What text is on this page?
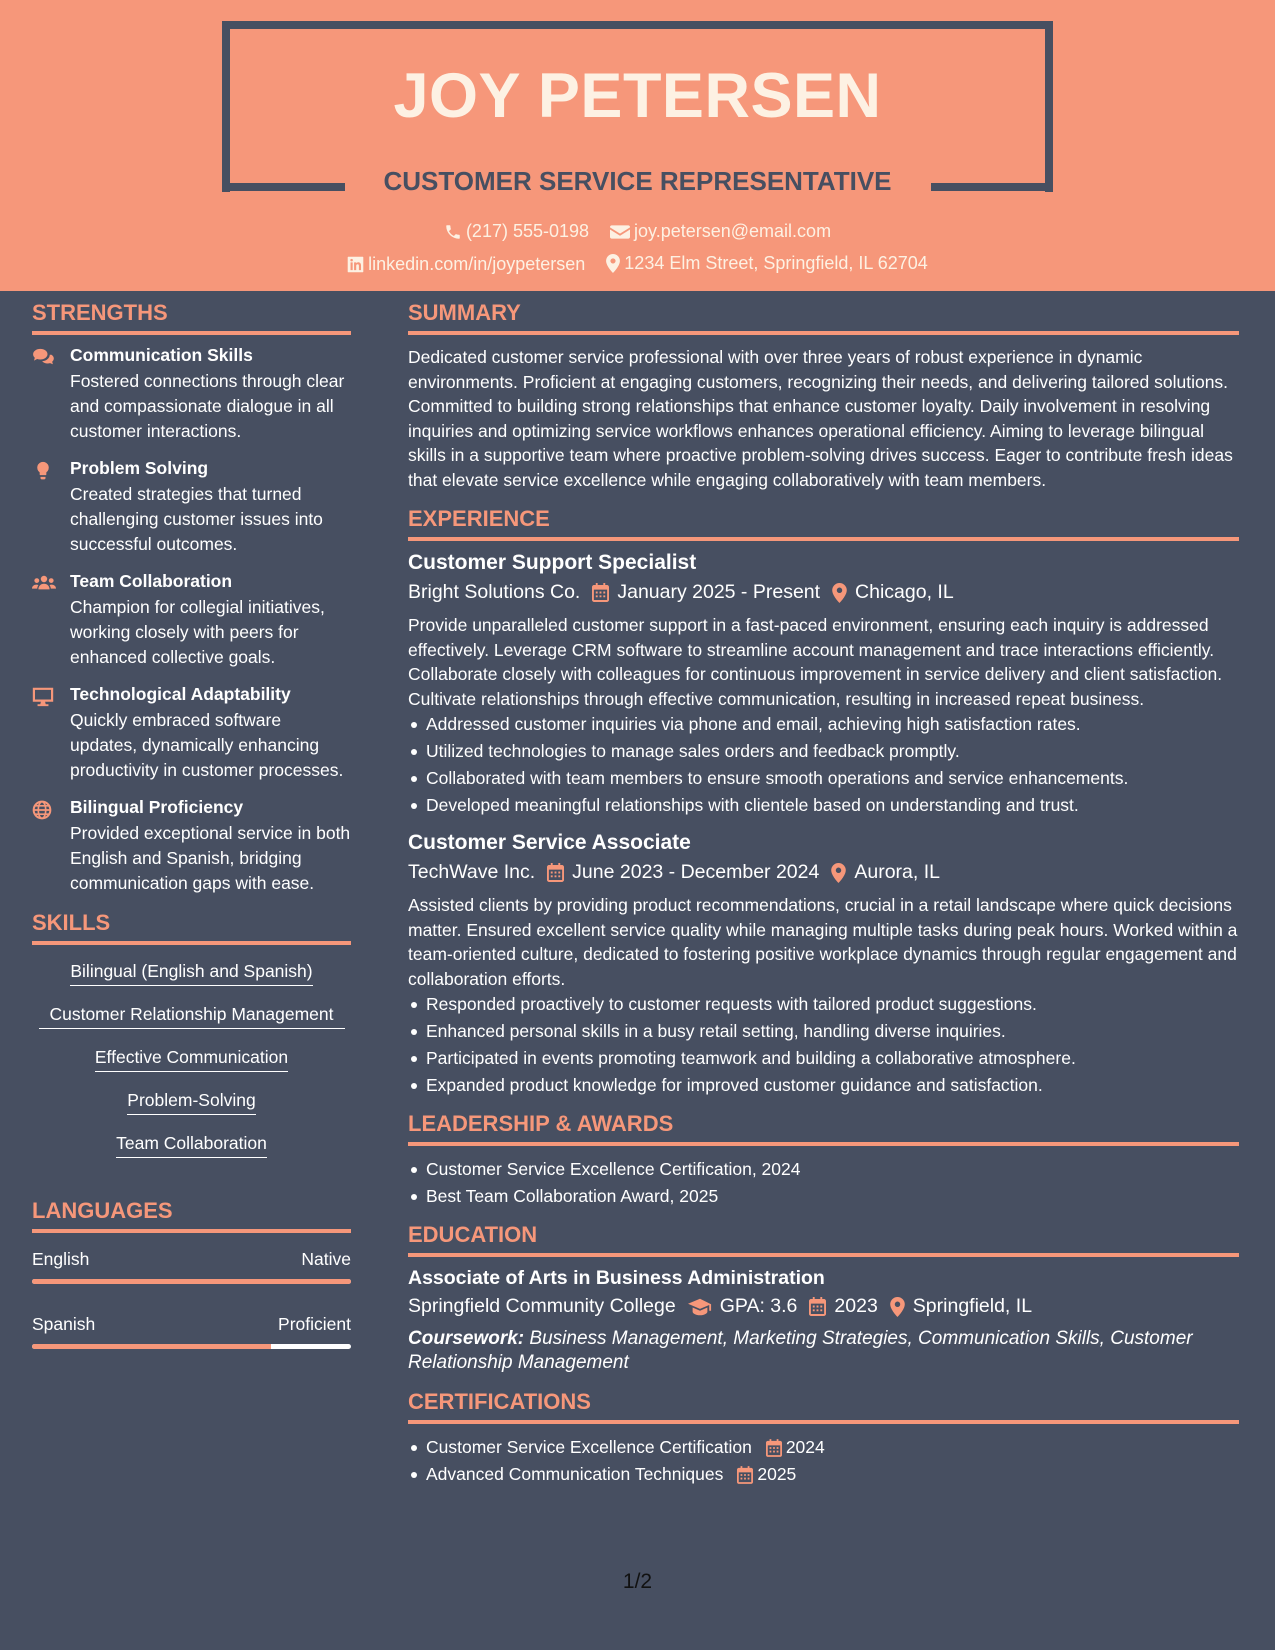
JOY PETERSEN
CUSTOMER SERVICE REPRESENTATIVE
(217) 555-0198
	joy.petersen@email.com
linkedin.com/in/joypetersen
1234 Elm Street, Springfield, IL 62704
STRENGTHS
Communication Skills
Fostered connections through clear and compassionate dialogue in all customer interactions.
Problem Solving
Created strategies that turned challenging customer issues into successful outcomes.
Team Collaboration
Champion for collegial initiatives, working closely with peers for enhanced collective goals.
Technological Adaptability
Quickly embraced software updates, dynamically enhancing productivity in customer processes.
Bilingual Proficiency
Provided exceptional service in both English and Spanish, bridging communication gaps with ease.
SKILLS
Bilingual (English and Spanish)
Customer Relationship Management
Effective Communication
Problem-Solving
Team Collaboration
LANGUAGES
English	Native
Spanish	Proficient
SUMMARY
Dedicated customer service professional with over three years of robust experience in dynamic environments. Proficient at engaging customers, recognizing their needs, and delivering tailored solutions. Committed to building strong relationships that enhance customer loyalty. Daily involvement in resolving inquiries and optimizing service workflows enhances operational efficiency. Aiming to leverage bilingual skills in a supportive team where proactive problem-solving drives success. Eager to contribute fresh ideas that elevate service excellence while engaging collaboratively with team members.
EXPERIENCE
Customer Support Specialist
Bright Solutions Co. January 2025 - Present Chicago, IL
Provide unparalleled customer support in a fast-paced environment, ensuring each inquiry is addressed effectively. Leverage CRM software to streamline account management and trace interactions efficiently. Collaborate closely with colleagues for continuous improvement in service delivery and client satisfaction. Cultivate relationships through effective communication, resulting in increased repeat business.
Addressed customer inquiries via phone and email, achieving high satisfaction rates.
Utilized technologies to manage sales orders and feedback promptly.
Collaborated with team members to ensure smooth operations and service enhancements.
Developed meaningful relationships with clientele based on understanding and trust.
Customer Service Associate
TechWave Inc. June 2023 - December 2024 Aurora, IL
Assisted clients by providing product recommendations, crucial in a retail landscape where quick decisions matter. Ensured excellent service quality while managing multiple tasks during peak hours. Worked within a team-oriented culture, dedicated to fostering positive workplace dynamics through regular engagement and collaboration efforts.
Responded proactively to customer requests with tailored product suggestions.
Enhanced personal skills in a busy retail setting, handling diverse inquiries.
Participated in events promoting teamwork and building a collaborative atmosphere.
Expanded product knowledge for improved customer guidance and satisfaction.
LEADERSHIP & AWARDS
Customer Service Excellence Certification, 2024
Best Team Collaboration Award, 2025
EDUCATION
Associate of Arts in Business Administration
Springfield Community College GPA: 3.6 2023 Springfield, IL
Coursework: Business Management, Marketing Strategies, Communication Skills, Customer Relationship Management
CERTIFICATIONS
Customer Service Excellence Certification 2024
Advanced Communication Techniques 2025
1/2
